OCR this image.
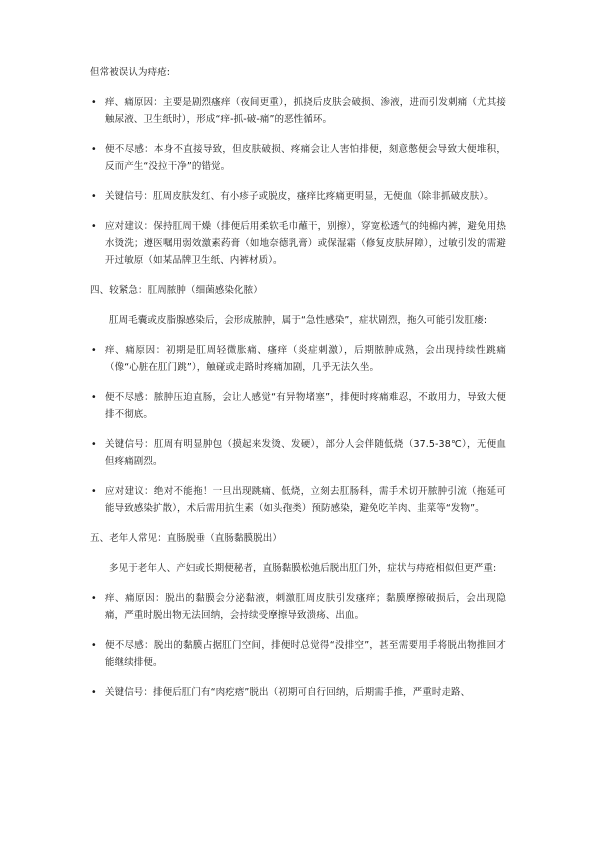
但常被误认为痔疮:
• 痒、痛原因：主要是剧烈瘙痒（夜间更重），抓挠后皮肤会破损、渗液，进而引发刺痛（尤其接触尿液、卫生纸时），形成“痒-抓-破-痛”的恶性循环。
• 便不尽感：本身不直接导致，但皮肤破损、疼痛会让人害怕排便，刻意憋便会导致大便堆积，反而产生“没拉干净”的错觉。
• 关键信号：肛周皮肤发红、有小疹子或脱皮，瘙痒比疼痛更明显，无便血（除非抓破皮肤）。
• 应对建议：保持肛周干燥（排便后用柔软毛巾蘸干，别擦），穿宽松透气的纯棉内裤，避免用热水烫洗；遵医嘱用弱效激素药膏（如地奈德乳膏）或保湿霜（修复皮肤屏障），过敏引发的需避开过敏原（如某品牌卫生纸、内裤材质）。
四、较紧急：肛周脓肿（细菌感染化脓）
肛周毛囊或皮脂腺感染后，会形成脓肿，属于“急性感染”，症状剧烈，拖久可能引发肛瘘:
• 痒、痛原因：初期是肛周轻微胀痛、瘙痒（炎症刺激），后期脓肿成熟，会出现持续性跳痛（像“心脏在肛门跳”），触碰或走路时疼痛加剧，几乎无法久坐。
• 便不尽感：脓肿压迫直肠，会让人感觉“有异物堵塞”，排便时疼痛难忍，不敢用力，导致大便排不彻底。
• 关键信号：肛周有明显肿包（摸起来发烫、发硬），部分人会伴随低烧（37.5-38℃），无便血但疼痛剧烈。
• 应对建议：绝对不能拖！一旦出现跳痛、低烧，立刻去肛肠科，需手术切开脓肿引流（拖延可能导致感染扩散），术后需用抗生素（如头孢类）预防感染，避免吃羊肉、韭菜等“发物”。
五、老年人常见：直肠脱垂（直肠黏膜脱出）
多见于老年人、产妇或长期便秘者，直肠黏膜松弛后脱出肛门外，症状与痔疮相似但更严重:
• 痒、痛原因：脱出的黏膜会分泌黏液，刺激肛周皮肤引发瘙痒；黏膜摩擦破损后，会出现隐痛，严重时脱出物无法回纳，会持续受摩擦导致溃疡、出血。
• 便不尽感：脱出的黏膜占据肛门空间，排便时总觉得“没排空”，甚至需要用手将脱出物推回才能继续排便。
• 关键信号：排便后肛门有“肉疙瘩”脱出（初期可自行回纳，后期需手推，严重时走路、
